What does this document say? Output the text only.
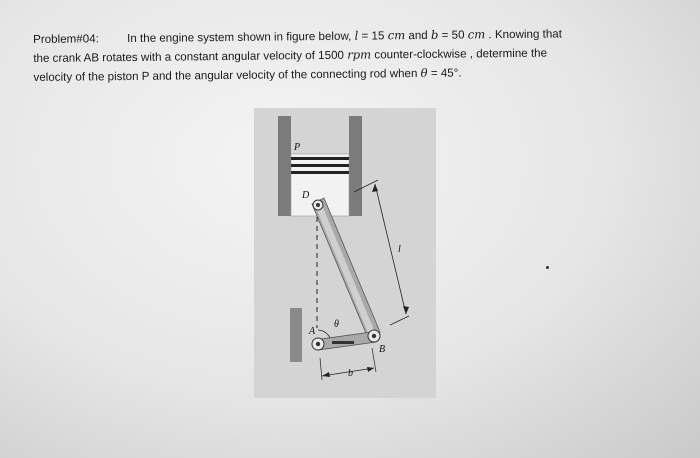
Problem#04: In the engine system shown in figure below, l = 15 cm and b = 50 cm . Knowing that
the crank AB rotates with a constant angular velocity of 1500 rpm counter-clockwise , determine the
velocity of the piston P and the angular velocity of the connecting rod when θ = 45°.
P
D
l
A
θ
B
b
